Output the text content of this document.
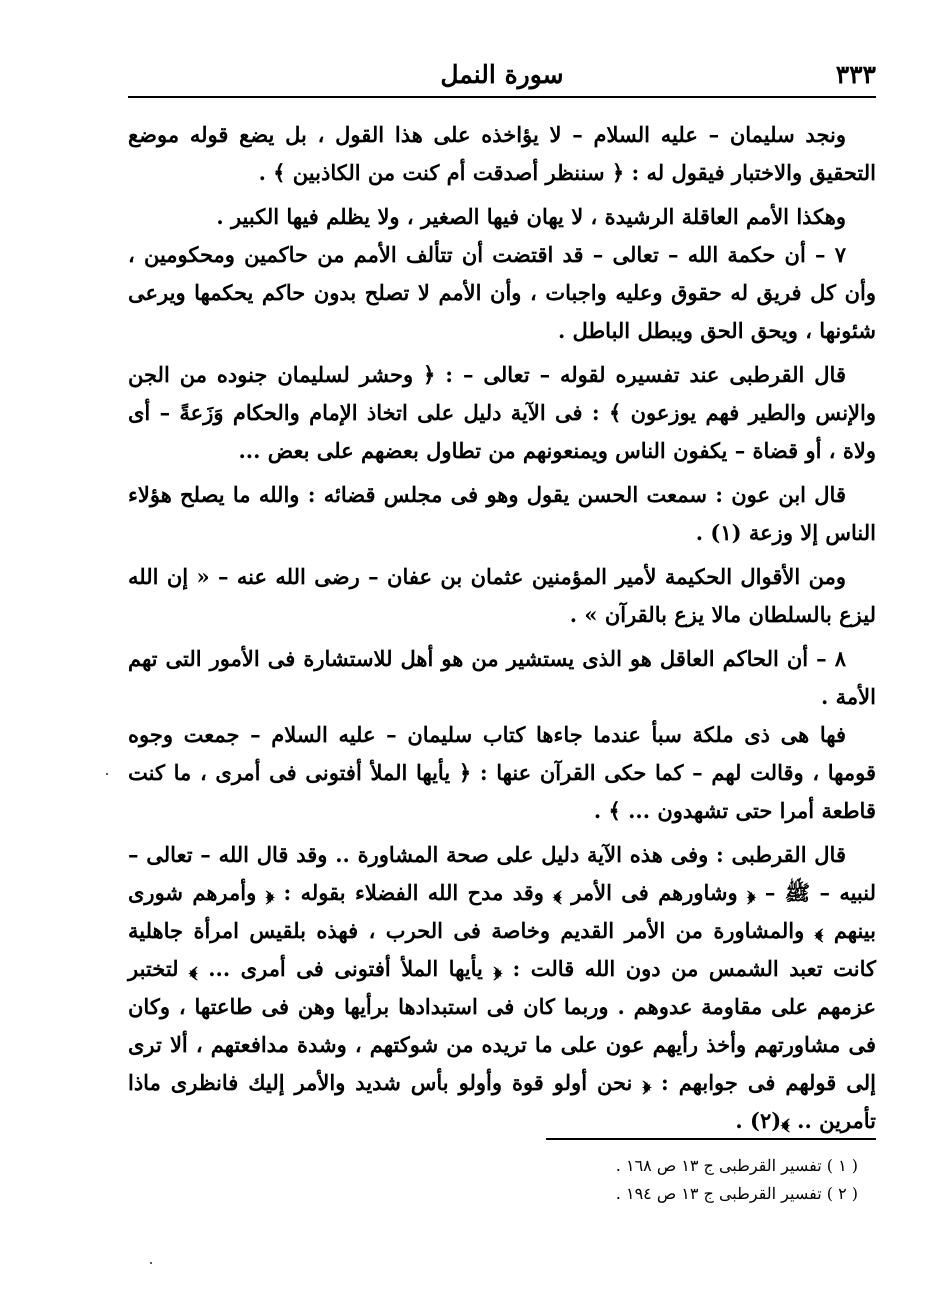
سورة النمل	٣٣٣

ونجد سليمان – عليه السلام – لا يؤاخذه على هذا القول ، بل يضع قوله موضع التحقيق والاختبار فيقول له : ﴿ سننظر أصدقت أم كنت من الكاذبين ﴾ .

وهكذا الأمم العاقلة الرشيدة ، لا يهان فيها الصغير ، ولا يظلم فيها الكبير .

٧ – أن حكمة الله – تعالى – قد اقتضت أن تتألف الأمم من حاكمين ومحكومين ، وأن كل فريق له حقوق وعليه واجبات ، وأن الأمم لا تصلح بدون حاكم يحكمها ويرعى شئونها ، ويحق الحق ويبطل الباطل .

قال القرطبى عند تفسيره لقوله – تعالى – : ﴿ وحشر لسليمان جنوده من الجن والإنس والطير فهم يوزعون ﴾ : فى الآية دليل على اتخاذ الإمام والحكام وَزَعةً – أى ولاة ، أو قضاة – يكفون الناس ويمنعونهم من تطاول بعضهم على بعض ...

قال ابن عون : سمعت الحسن يقول وهو فى مجلس قضائه : والله ما يصلح هؤلاء الناس إلا وزعة (١) .

ومن الأقوال الحكيمة لأمير المؤمنين عثمان بن عفان – رضى الله عنه – « إن الله ليزع بالسلطان مالا يزع بالقرآن » .

٨ – أن الحاكم العاقل هو الذى يستشير من هو أهل للاستشارة فى الأمور التى تهم الأمة .

فها هى ذى ملكة سبأ عندما جاءها كتاب سليمان – عليه السلام – جمعت وجوه قومها ، وقالت لهم – كما حكى القرآن عنها : ﴿ يأيها الملأ أفتونى فى أمرى ، ما كنت قاطعة أمرا حتى تشهدون ... ﴾ .

قال القرطبى : وفى هذه الآية دليل على صحة المشاورة .. وقد قال الله – تعالى – لنبيه – ﷺ – ﴿ وشاورهم فى الأمر ﴾ وقد مدح الله الفضلاء بقوله : ﴿ وأمرهم شورى بينهم ﴾ والمشاورة من الأمر القديم وخاصة فى الحرب ، فهذه بلقيس امرأة جاهلية كانت تعبد الشمس من دون الله قالت : ﴿ يأيها الملأ أفتونى فى أمرى ... ﴾ لتختبر عزمهم على مقاومة عدوهم . وربما كان فى استبدادها برأيها وهن فى طاعتها ، وكان فى مشاورتهم وأخذ رأيهم عون على ما تريده من شوكتهم ، وشدة مدافعتهم ، ألا ترى إلى قولهم فى جوابهم : ﴿ نحن أولو قوة وأولو بأس شديد والأمر إليك فانظرى ماذا تأمرين .. ﴾(٢) .

( ١ ) تفسير القرطبى ج ١٣ ص ١٦٨ .

( ٢ ) تفسير القرطبى ج ١٣ ص ١٩٤ .
